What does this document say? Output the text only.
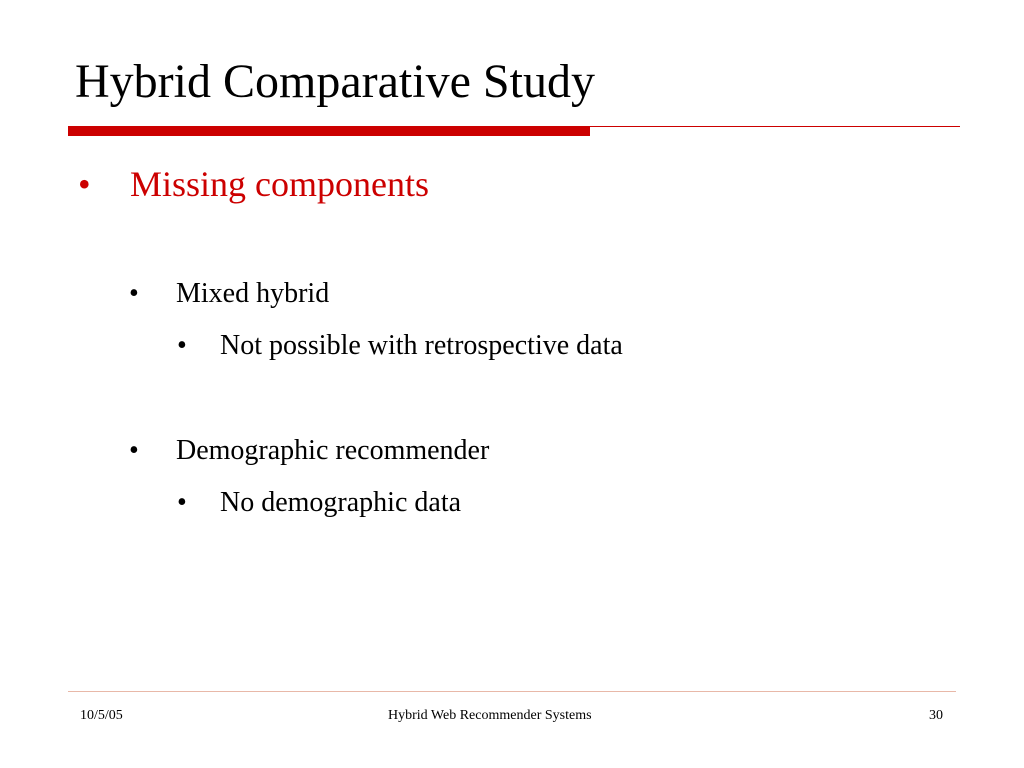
Hybrid Comparative Study
• Missing components
• Mixed hybrid
• Not possible with retrospective data
• Demographic recommender
• No demographic data
10/5/05	Hybrid Web Recommender Systems	30
